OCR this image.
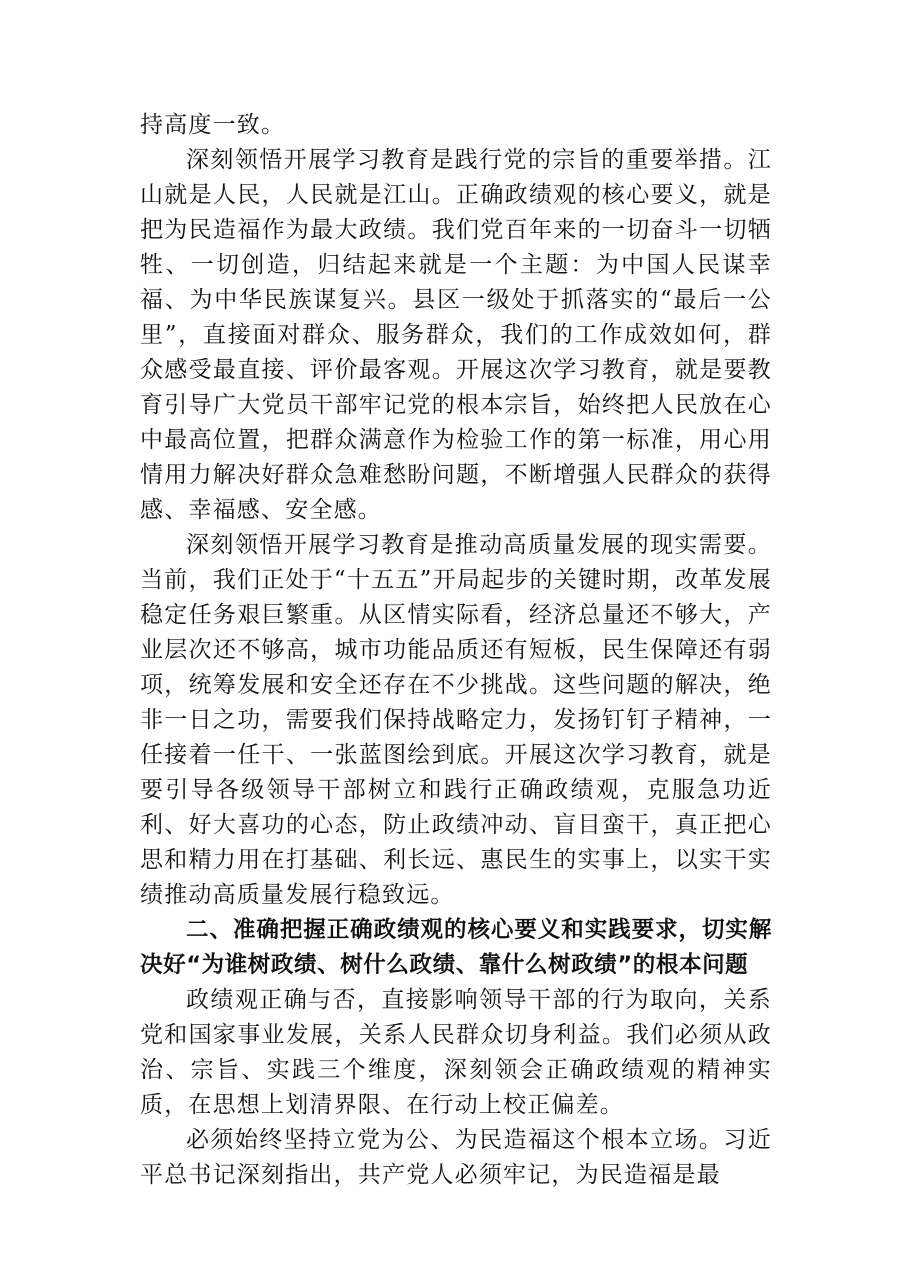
持高度一致。

深刻领悟开展学习教育是践行党的宗旨的重要举措。江山就是人民，人民就是江山。正确政绩观的核心要义，就是把为民造福作为最大政绩。我们党百年来的一切奋斗一切牺牲、一切创造，归结起来就是一个主题：为中国人民谋幸福、为中华民族谋复兴。县区一级处于抓落实的“最后一公里”，直接面对群众、服务群众，我们的工作成效如何，群众感受最直接、评价最客观。开展这次学习教育，就是要教育引导广大党员干部牢记党的根本宗旨，始终把人民放在心中最高位置，把群众满意作为检验工作的第一标准，用心用情用力解决好群众急难愁盼问题，不断增强人民群众的获得感、幸福感、安全感。

深刻领悟开展学习教育是推动高质量发展的现实需要。当前，我们正处于“十五五”开局起步的关键时期，改革发展稳定任务艰巨繁重。从区情实际看，经济总量还不够大，产业层次还不够高，城市功能品质还有短板，民生保障还有弱项，统筹发展和安全还存在不少挑战。这些问题的解决，绝非一日之功，需要我们保持战略定力，发扬钉钉子精神，一任接着一任干、一张蓝图绘到底。开展这次学习教育，就是要引导各级领导干部树立和践行正确政绩观，克服急功近利、好大喜功的心态，防止政绩冲动、盲目蛮干，真正把心思和精力用在打基础、利长远、惠民生的实事上，以实干实绩推动高质量发展行稳致远。

二、准确把握正确政绩观的核心要义和实践要求，切实解决好“为谁树政绩、树什么政绩、靠什么树政绩”的根本问题

政绩观正确与否，直接影响领导干部的行为取向，关系党和国家事业发展，关系人民群众切身利益。我们必须从政治、宗旨、实践三个维度，深刻领会正确政绩观的精神实质，在思想上划清界限、在行动上校正偏差。

必须始终坚持立党为公、为民造福这个根本立场。习近平总书记深刻指出，共产党人必须牢记，为民造福是最
